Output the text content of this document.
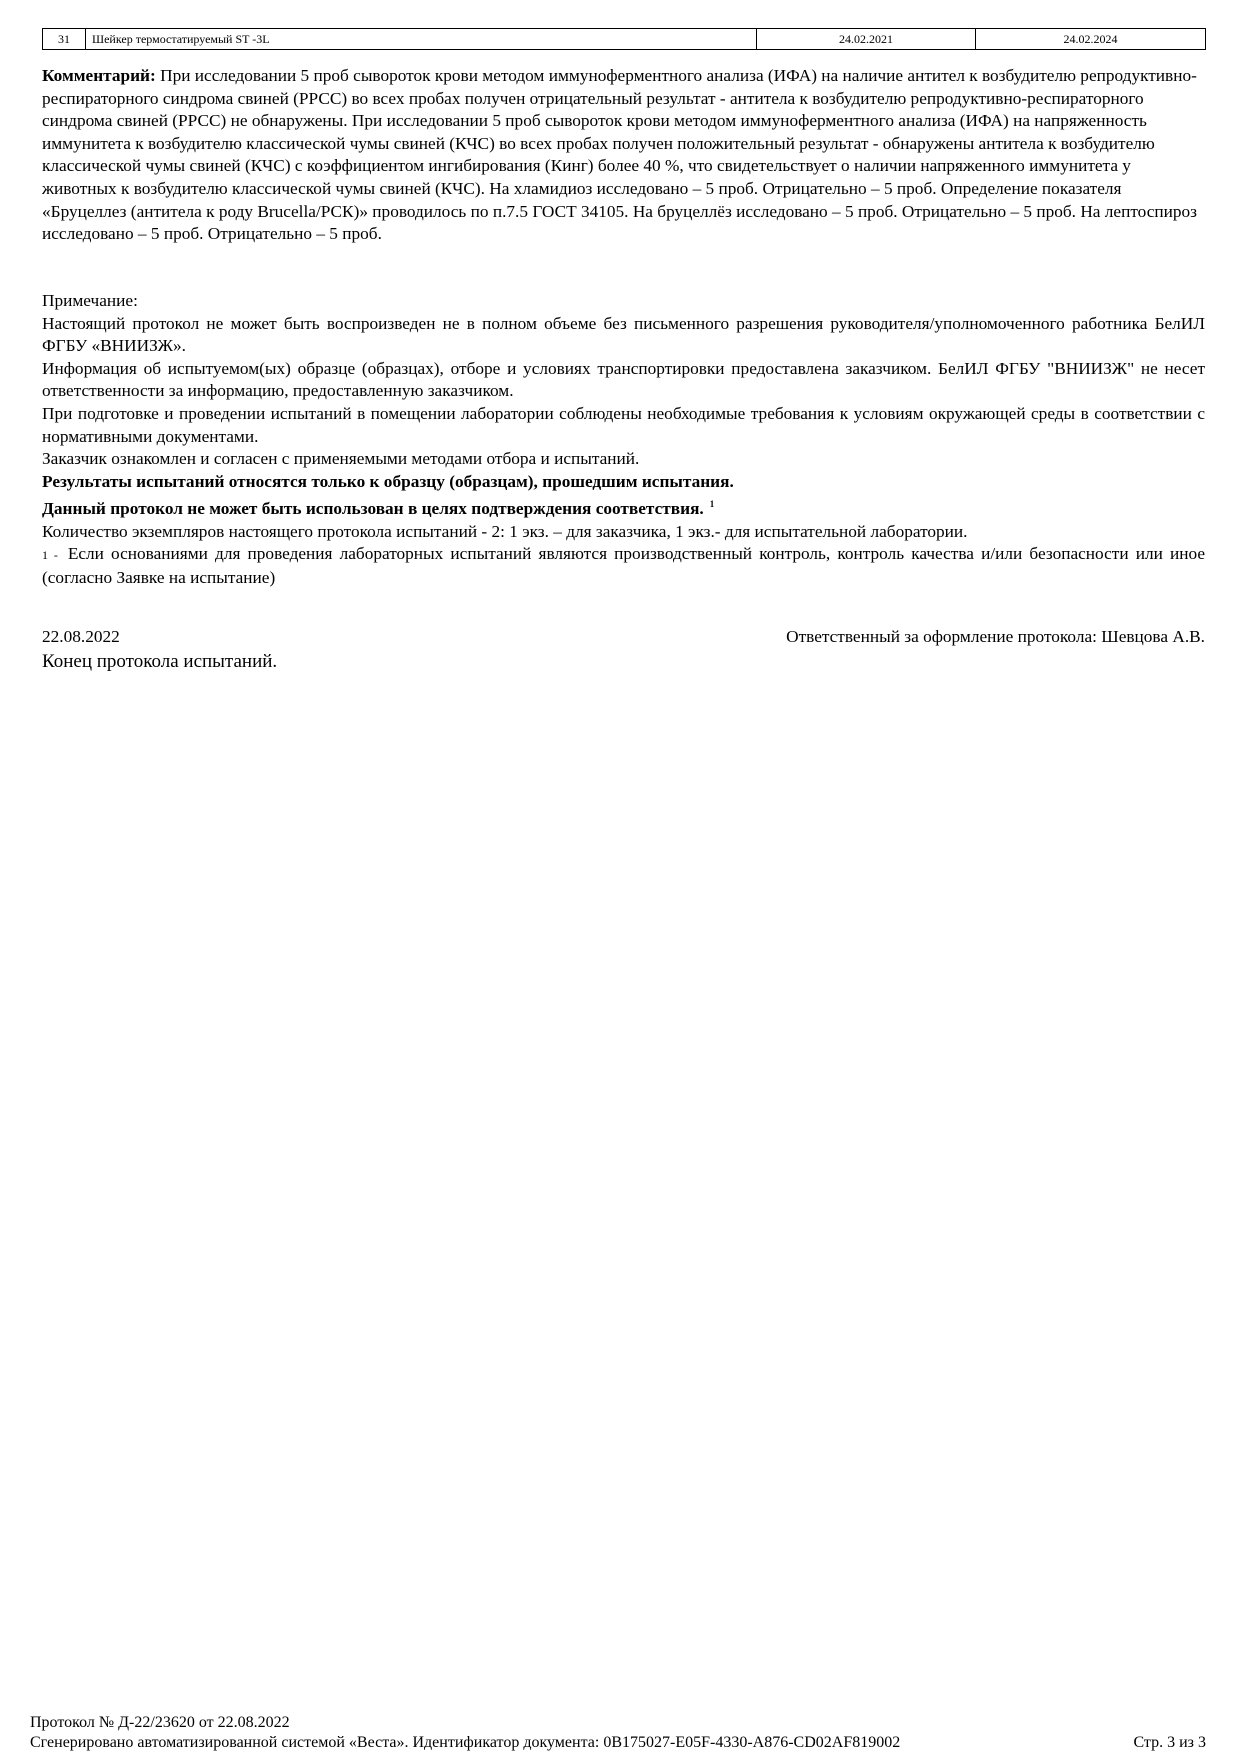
31	Шейкер термостатируемый ST -3L	24.02.2021	24.02.2024
Комментарий: При исследовании 5 проб сывороток крови методом иммуноферментного анализа (ИФА) на наличие антител к возбудителю репродуктивно-респираторного синдрома свиней (РРСС) во всех пробах получен отрицательный результат - антитела к возбудителю репродуктивно-респираторного синдрома свиней (РРСС) не обнаружены. При исследовании 5 проб сывороток крови методом иммуноферментного анализа (ИФА) на напряженность иммунитета к возбудителю классической чумы свиней (КЧС) во всех пробах получен положительный результат - обнаружены антитела к возбудителю классической чумы свиней (КЧС) с коэффициентом ингибирования (Кинг) более 40 %, что свидетельствует о наличии напряженного иммунитета у животных к возбудителю классической чумы свиней (КЧС). На хламидиоз исследовано – 5 проб. Отрицательно – 5 проб. Определение показателя «Бруцеллез (антитела к роду Brucella/РСК)» проводилось по п.7.5 ГОСТ 34105. На бруцеллёз исследовано – 5 проб. Отрицательно – 5 проб. На лептоспироз исследовано – 5 проб. Отрицательно – 5 проб.

Примечание:

Настоящий протокол не может быть воспроизведен не в полном объеме без письменного разрешения руководителя/уполномоченного работника БелИЛ ФГБУ «ВНИИЗЖ».

Информация об испытуемом(ых) образце (образцах), отборе и условиях транспортировки предоставлена заказчиком. БелИЛ ФГБУ "ВНИИЗЖ" не несет ответственности за информацию, предоставленную заказчиком.

При подготовке и проведении испытаний в помещении лаборатории соблюдены необходимые требования к условиям окружающей среды в соответствии с нормативными документами.

Заказчик ознакомлен и согласен с применяемыми методами отбора и испытаний.

Результаты испытаний относятся только к образцу (образцам), прошедшим испытания.

Данный протокол не может быть использован в целях подтверждения соответствия. $^1$

Количество экземпляров настоящего протокола испытаний - 2: 1 экз. – для заказчика, 1 экз.- для испытательной лаборатории.

1 - Если основаниями для проведения лабораторных испытаний являются производственный контроль, контроль качества и/или безопасности или иное (согласно Заявке на испытание)

22.08.2022	Ответственный за оформление протокола: Шевцова А.В.
Конец протокола испытаний.
Протокол № Д-22/23620 от 22.08.2022
Сгенерировано автоматизированной системой «Веста». Идентификатор документа: 0B175027-E05F-4330-A876-CD02AF819002	Стр. 3 из 3
